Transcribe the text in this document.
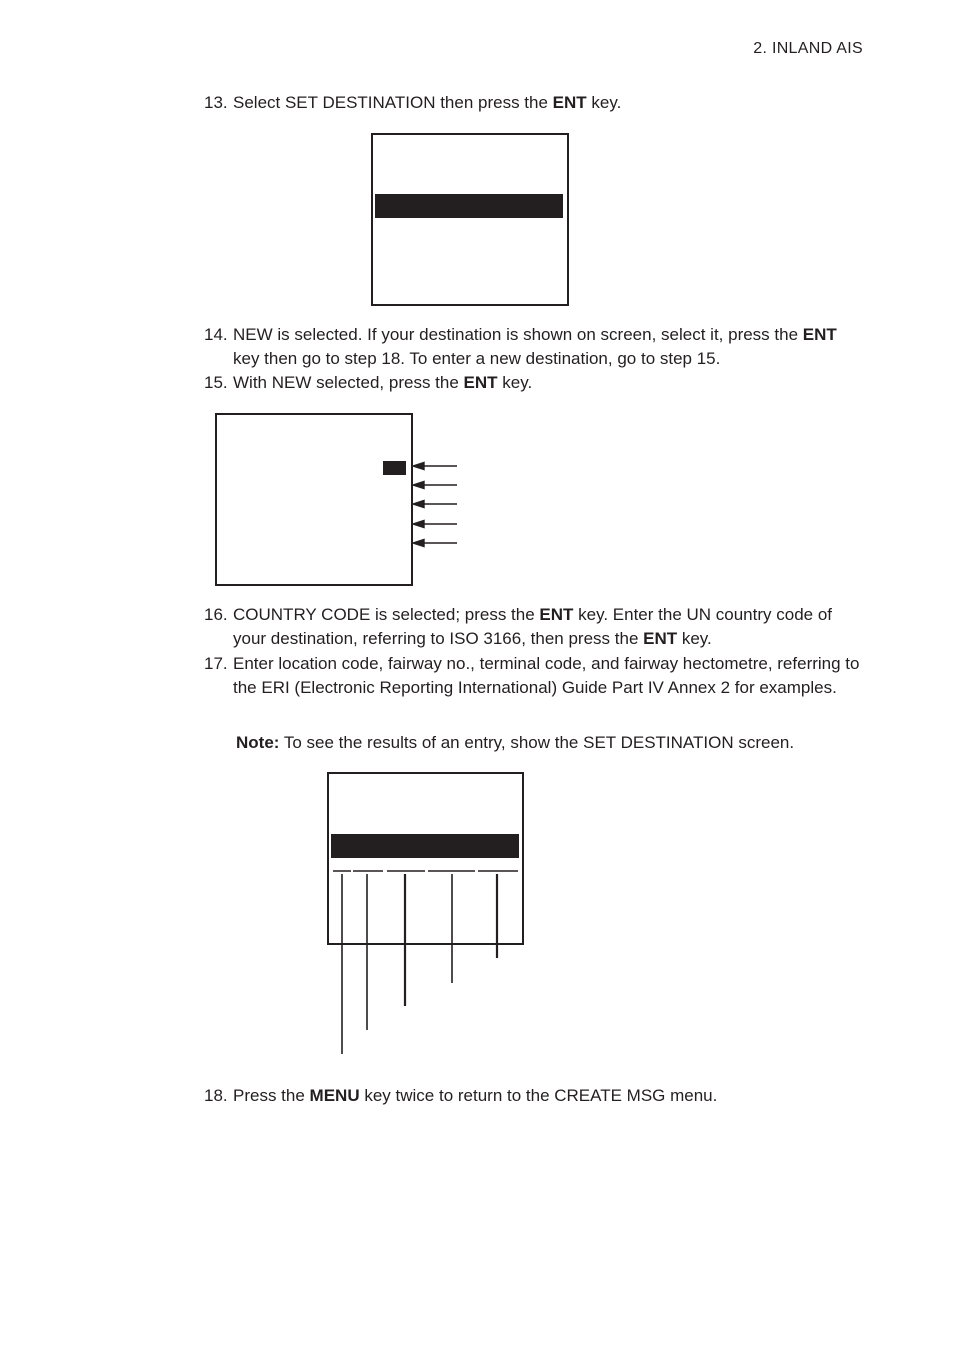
2. INLAND AIS
13. Select SET DESTINATION then press the ENT key.
14. NEW is selected. If your destination is shown on screen, select it, press the ENT key then go to step 18. To enter a new destination, go to step 15.
15. With NEW selected, press the ENT key.
16. COUNTRY CODE is selected; press the ENT key. Enter the UN country code of your destination, referring to ISO 3166, then press the ENT key.
17. Enter location code, fairway no., terminal code, and fairway hectometre, referring to the ERI (Electronic Reporting International) Guide Part IV Annex 2 for examples.
Note: To see the results of an entry, show the SET DESTINATION screen.
18. Press the MENU key twice to return to the CREATE MSG menu.
